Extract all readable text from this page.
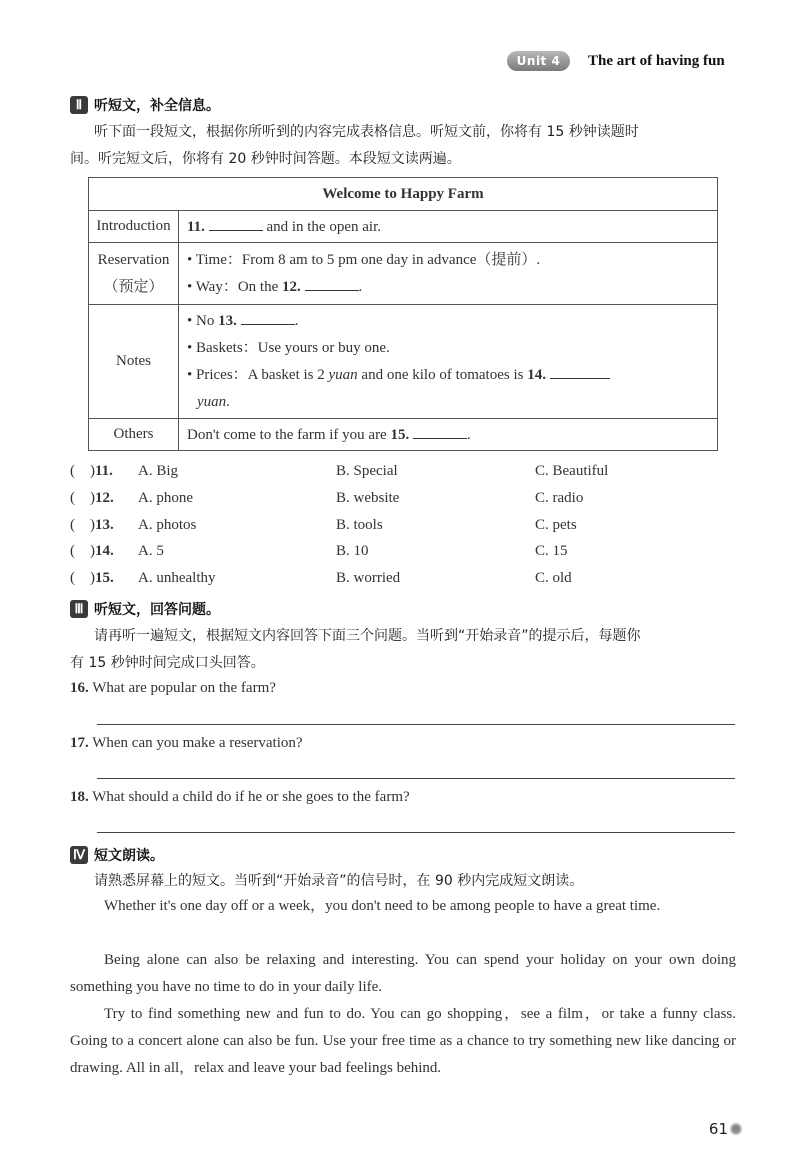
Unit 4	The art of having fun
Ⅱ 听短文，补全信息。
听下面一段短文，根据你所听到的内容完成表格信息。听短文前，你将有 15 秒钟读题时
间。听完短文后，你将有 20 秒钟时间答题。本段短文读两遍。
Welcome to Happy Farm	
Introduction	11. and in the open air.

Reservation
（预定）	• Time：From 8 am to 5 pm one day in advance（提前）.
• Way：On the 12. .

Notes	• No 13. .
• Baskets：Use yours or buy one.
• Prices：A basket is 2 yuan and one kilo of tomatoes is 14.
yuan.

Others	Don't come to the farm if you are 15. .
(    )11. A. Big	B. Special	C. Beautiful
(    )12. A. phone	B. website	C. radio
(    )13. A. photos	B. tools	C. pets
(    )14. A. 5	B. 10	C. 15
(    )15. A. unhealthy	B. worried	C. old
Ⅲ 听短文，回答问题。
请再听一遍短文，根据短文内容回答下面三个问题。当听到“开始录音”的提示后，每题你
有 15 秒钟时间完成口头回答。
16. What are popular on the farm?
17. When can you make a reservation?
18. What should a child do if he or she goes to the farm?
Ⅳ 短文朗读。
请熟悉屏幕上的短文。当听到“开始录音”的信号时，在 90 秒内完成短文朗读。
Whether it's one day off or a week，you don't need to be among people to have a great time.
Being alone can also be relaxing and interesting. You can spend your holiday on your own doing something you have no time to do in your daily life.
Try to find something new and fun to do. You can go shopping，see a film，or take a funny class. Going to a concert alone can also be fun. Use your free time as a chance to try something new like dancing or drawing. All in all，relax and leave your bad feelings behind.
61
